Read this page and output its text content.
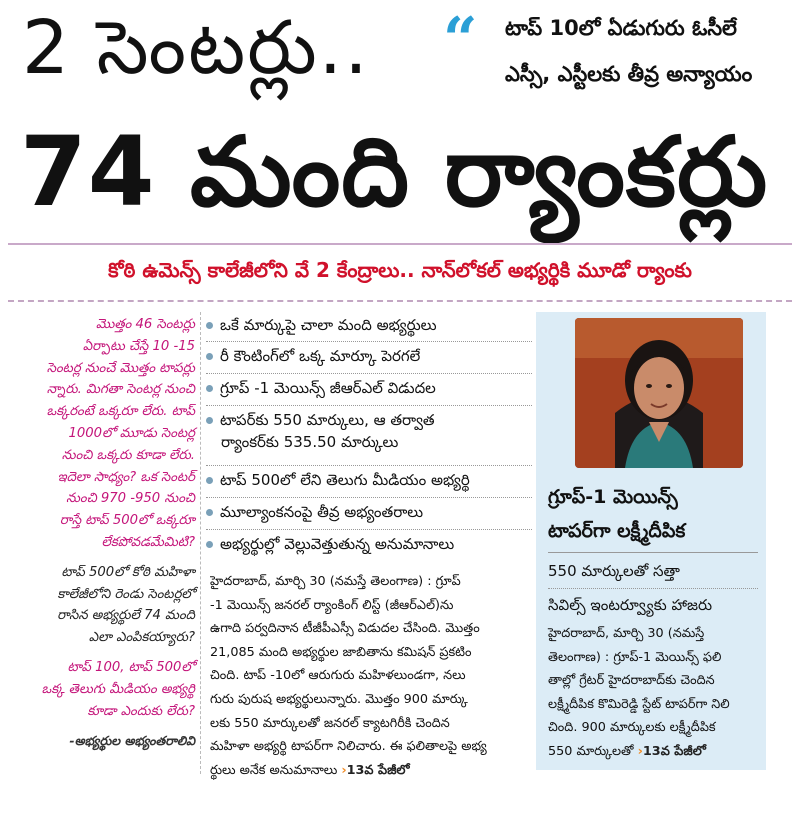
2 సెంటర్లు.. “ టాప్ 10లో ఏడుగురు ఓసీలే
ఎస్సీ, ఎస్టీలకు తీవ్ర అన్యాయం
74 మంది ర్యాంకర్లు
కోఠి ఉమెన్స్ కాలేజీలోని వే 2 కేంద్రాలు.. నాన్‌లోకల్ అభ్యర్థికి మూడో ర్యాంకు
మొత్తం 46 సెంటర్లు
ఏర్పాటు చేస్తే 10 -15
సెంటర్ల నుంచే మొత్తం టాపర్లు
న్నారు. మిగతా సెంటర్ల నుంచి
ఒక్కరంటే ఒక్కరూ లేరు. టాప్
1000లో మూడు సెంటర్ల
నుంచి ఒక్కరు కూడా లేరు.
ఇదెలా సాధ్యం? ఒక సెంటర్
నుంచి 970 -950 నుంచి
రాస్తే టాప్ 500లో ఒక్కరూ
లేకపోవడమేమిటి?
టాప్ 500లో కోఠి మహిళా
కాలేజీలోని రెండు సెంటర్లలో
రాసిన అభ్యర్థులే 74 మంది
ఎలా ఎంపికయ్యారు?
టాప్ 100, టాప్ 500లో
ఒక్క తెలుగు మీడియం అభ్యర్థి
కూడా ఎందుకు లేరు?
-అభ్యర్థుల అభ్యంతరాలివి
ఒకే మార్కుపై చాలా మంది అభ్యర్థులు
రీ కౌంటింగ్‌లో ఒక్క మార్కూ పెరగలే
గ్రూప్ -1 మెయిన్స్ జీఆర్ఎల్ విడుదల
టాపర్‌కు 550 మార్కులు, ఆ తర్వాత
ర్యాంకర్‌కు 535.50 మార్కులు
టాప్ 500లో లేని తెలుగు మీడియం అభ్యర్థి
మూల్యాంకనంపై తీవ్ర అభ్యంతరాలు
అభ్యర్థుల్లో వెల్లువెత్తుతున్న అనుమానాలు
హైదరాబాద్, మార్చి 30 (నమస్తే తెలంగాణ) : గ్రూప్
-1 మెయిన్స్ జనరల్ ర్యాంకింగ్ లిస్ట్ (జీఆర్ఎల్)ను
ఉగాది పర్వదినాన టీజీపీఎస్సీ విడుదల చేసింది. మొత్తం
21,085 మంది అభ్యర్థుల జాబితాను కమిషన్ ప్రకటిం
చింది. టాప్ -10లో ఆరుగురు మహిళలుండగా, నలు
గురు పురుష అభ్యర్థులున్నారు. మొత్తం 900 మార్కు
లకు 550 మార్కులతో జనరల్ క్యాటగిరీకి చెందిన
మహిళా అభ్యర్థి టాపర్‌గా నిలిచారు. ఈ ఫలితాలపై అభ్య
ర్థులు అనేక అనుమానాలు ›13వ పేజీలో
గ్రూప్-1 మెయిన్స్
టాపర్‌గా లక్ష్మీదీపిక
550 మార్కులతో సత్తా
సివిల్స్ ఇంటర్వ్యూకు హాజరు
హైదరాబాద్, మార్చి 30 (నమస్తే
తెలంగాణ) : గ్రూప్-1 మెయిన్స్ ఫలి
తాల్లో గ్రేటర్ హైదరాబాద్‌కు చెందిన
లక్ష్మీదీపిక కొమిరెడ్డి స్టేట్ టాపర్‌గా నిలి
చింది. 900 మార్కులకు లక్ష్మీదీపిక
550 మార్కులతో ›13వ పేజీలో
